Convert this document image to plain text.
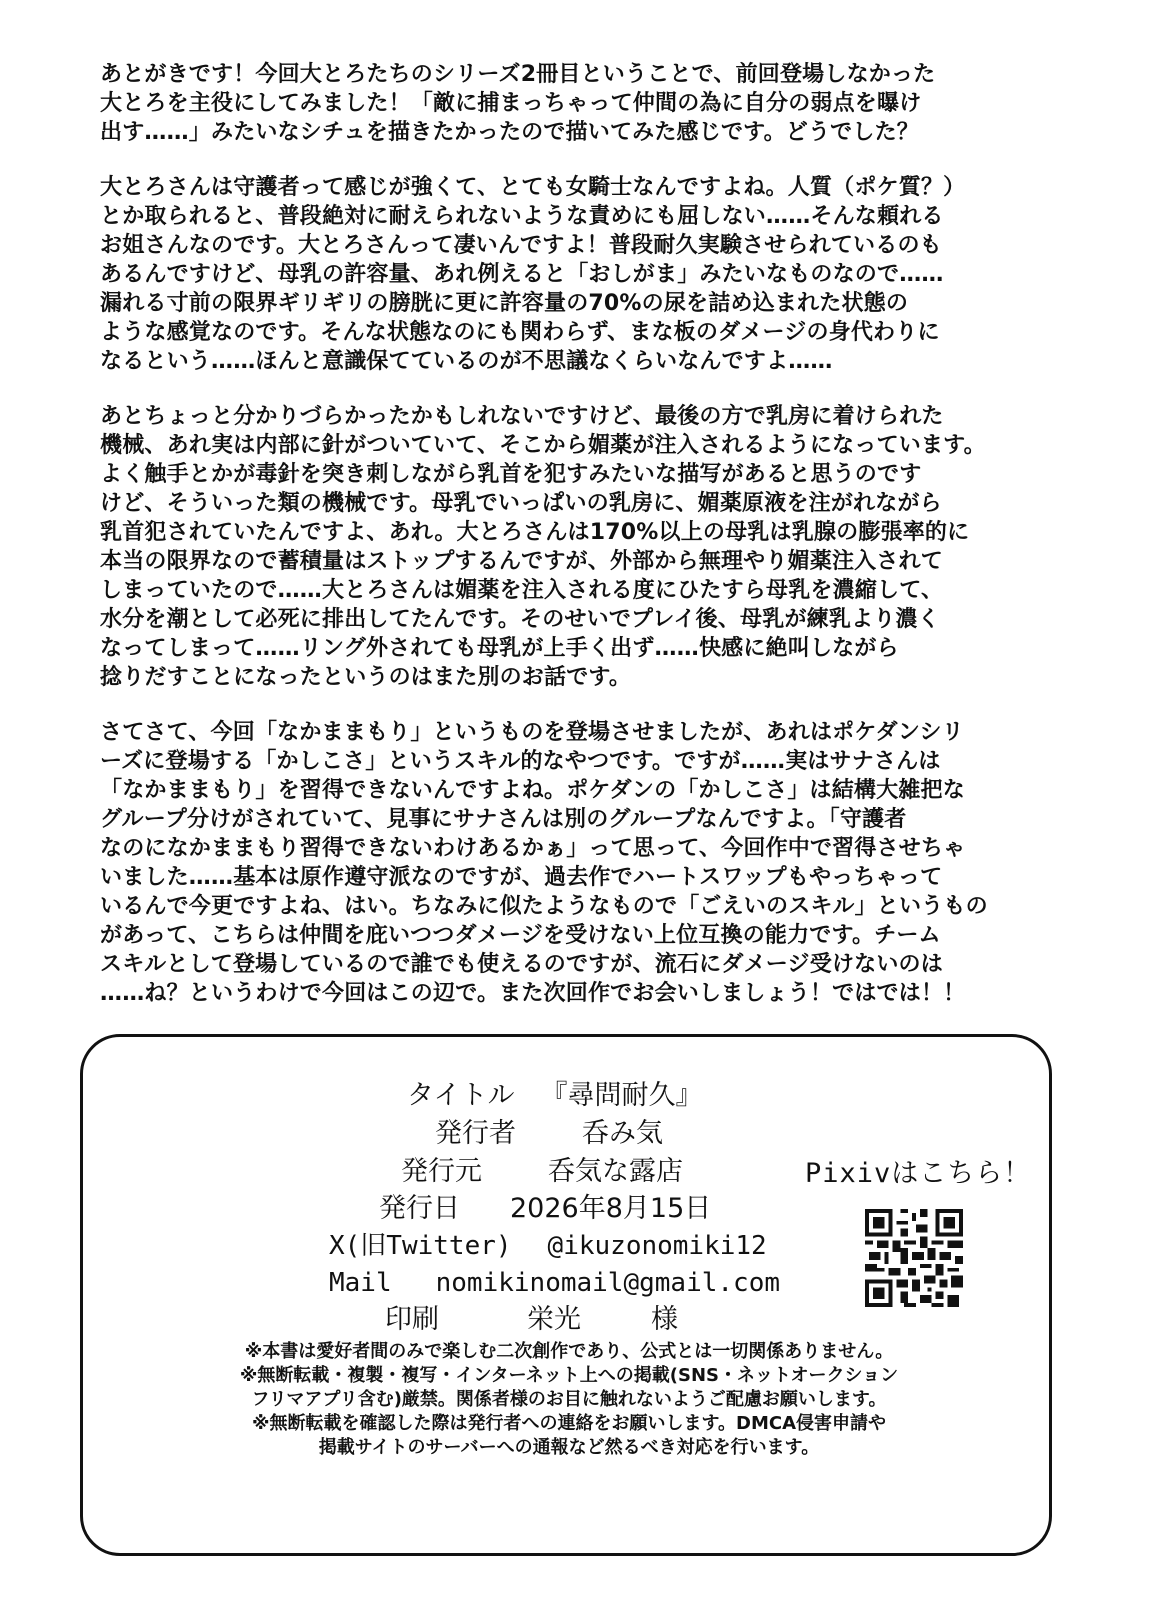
あとがきです！今回大とろたちのシリーズ2冊目ということで、前回登場しなかった
大とろを主役にしてみました！「敵に捕まっちゃって仲間の為に自分の弱点を曝け
出す……」みたいなシチュを描きたかったので描いてみた感じです。どうでした？

大とろさんは守護者って感じが強くて、とても女騎士なんですよね。人質（ポケ質？）
とか取られると、普段絶対に耐えられないような責めにも屈しない……そんな頼れる
お姐さんなのです。大とろさんって凄いんですよ！普段耐久実験させられているのも
あるんですけど、母乳の許容量、あれ例えると「おしがま」みたいなものなので……
漏れる寸前の限界ギリギリの膀胱に更に許容量の70%の尿を詰め込まれた状態の
ような感覚なのです。そんな状態なのにも関わらず、まな板のダメージの身代わりに
なるという……ほんと意識保てているのが不思議なくらいなんですよ……

あとちょっと分かりづらかったかもしれないですけど、最後の方で乳房に着けられた
機械、あれ実は内部に針がついていて、そこから媚薬が注入されるようになっています。
よく触手とかが毒針を突き刺しながら乳首を犯すみたいな描写があると思うのです
けど、そういった類の機械です。母乳でいっぱいの乳房に、媚薬原液を注がれながら
乳首犯されていたんですよ、あれ。大とろさんは170%以上の母乳は乳腺の膨張率的に
本当の限界なので蓄積量はストップするんですが、外部から無理やり媚薬注入されて
しまっていたので……大とろさんは媚薬を注入される度にひたすら母乳を濃縮して、
水分を潮として必死に排出してたんです。そのせいでプレイ後、母乳が練乳より濃く
なってしまって……リング外されても母乳が上手く出ず……快感に絶叫しながら
捻りだすことになったというのはまた別のお話です。

さてさて、今回「なかままもり」というものを登場させましたが、あれはポケダンシリ
ーズに登場する「かしこさ」というスキル的なやつです。ですが……実はサナさんは
「なかままもり」を習得できないんですよね。ポケダンの「かしこさ」は結構大雑把な
グループ分けがされていて、見事にサナさんは別のグループなんですよ。「守護者
なのになかままもり習得できないわけあるかぁ」って思って、今回作中で習得させちゃ
いました……基本は原作遵守派なのですが、過去作でハートスワップもやっちゃって
いるんで今更ですよね、はい。ちなみに似たようなもので「ごえいのスキル」というもの
があって、こちらは仲間を庇いつつダメージを受けない上位互換の能力です。チーム
スキルとして登場しているので誰でも使えるのですが、流石にダメージ受けないのは
……ね？というわけで今回はこの辺で。また次回作でお会いしましょう！ではでは！！

タイトル 『尋問耐久』
発行者 呑み気
発行元 呑気な露店
発行日 2026年8月15日
X(旧Twitter) @ikuzonomiki12
Mail nomikinomail@gmail.com
印刷	栄光	様
Pixivはこちら！
※本書は愛好者間のみで楽しむ二次創作であり、公式とは一切関係ありません。
※無断転載・複製・複写・インターネット上への掲載(SNS・ネットオークション
フリマアプリ含む)厳禁。関係者様のお目に触れないようご配慮お願いします。
※無断転載を確認した際は発行者への連絡をお願いします。DMCA侵害申請や
掲載サイトのサーバーへの通報など然るべき対応を行います。
